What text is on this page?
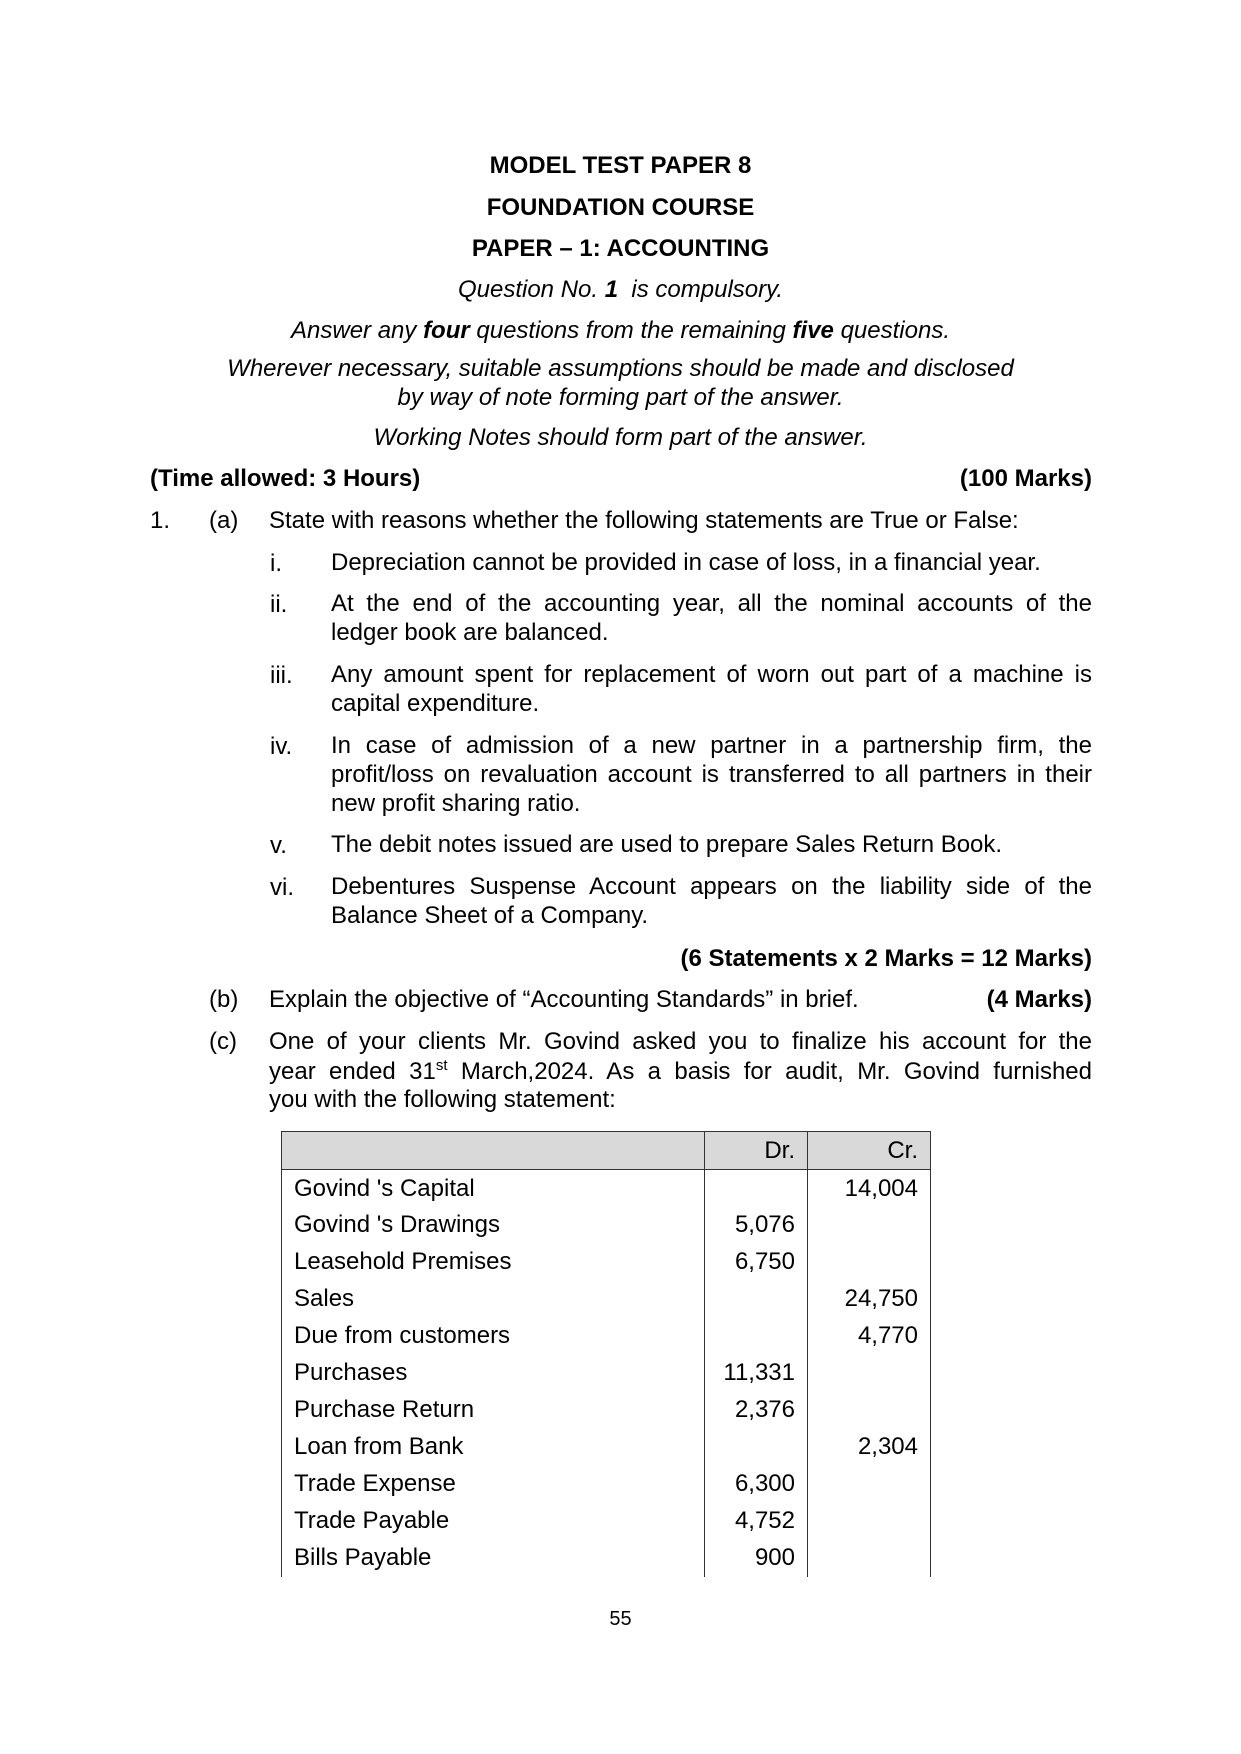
MODEL TEST PAPER 8
FOUNDATION COURSE
PAPER – 1: ACCOUNTING
Question No. 1  is compulsory.
Answer any four questions from the remaining five questions.
Wherever necessary, suitable assumptions should be made and disclosed
by way of note forming part of the answer.
Working Notes should form part of the answer.
(Time allowed: 3 Hours)	(100 Marks)
1. (a) State with reasons whether the following statements are True or False:
i. Depreciation cannot be provided in case of loss, in a financial year.
ii. At the end of the accounting year, all the nominal accounts of the ledger book are balanced.
iii. Any amount spent for replacement of worn out part of a machine is capital expenditure.
iv. In case of admission of a new partner in a partnership firm, the profit/loss on revaluation account is transferred to all partners in their new profit sharing ratio.
v. The debit notes issued are used to prepare Sales Return Book.
vi. Debentures Suspense Account appears on the liability side of the Balance Sheet of a Company.
(6 Statements x 2 Marks = 12 Marks)
(b) Explain the objective of “Accounting Standards” in brief.	(4 Marks)
(c) One of your clients Mr. Govind asked you to finalize his account for the
year ended 31st March,2024. As a basis for audit, Mr. Govind furnished
you with the following statement:
	Dr.	Cr.
Govind 's Capital		14,004
Govind 's Drawings	5,076	
Leasehold Premises	6,750	
Sales		24,750
Due from customers		4,770
Purchases	11,331	
Purchase Return	2,376	
Loan from Bank		2,304
Trade Expense	6,300	
Trade Payable	4,752	
Bills Payable	900	
55
